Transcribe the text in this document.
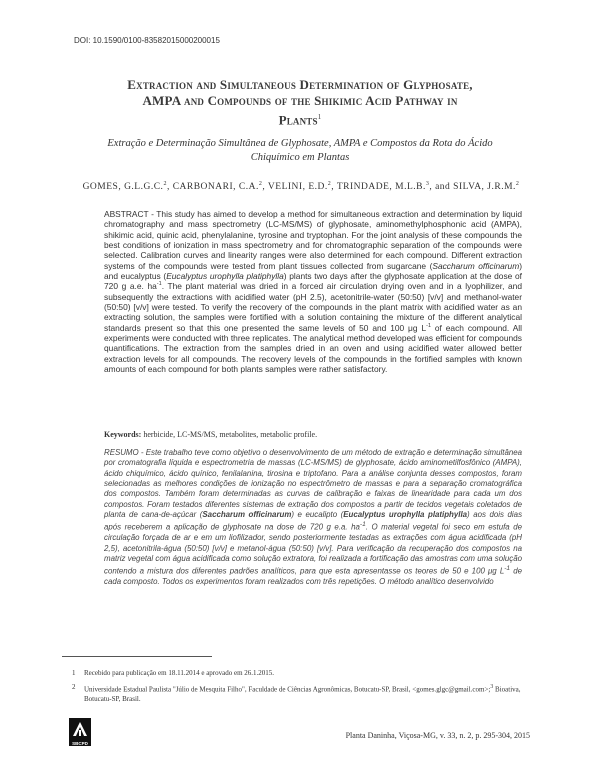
DOI: 10.1590/0100-83582015000200015
Extraction and Simultaneous Determination of Glyphosate,
AMPA and Compounds of the Shikimic Acid Pathway in
Plants$^1$
Extração e Determinação Simultânea de Glyphosate, AMPA e Compostos da Rota do Ácido
Chiquímico em Plantas
GOMES, G.L.G.C.$^2$, CARBONARI, C.A.$^2$, VELINI, E.D.$^2$, TRINDADE, M.L.B.$^3$, and SILVA, J.R.M.$^2$

ABSTRACT - This study has aimed to develop a method for simultaneous extraction and determination by liquid chromatography and mass spectrometry (LC-MS/MS) of glyphosate, aminomethylphosphonic acid (AMPA), shikimic acid, quinic acid, phenylalanine, tyrosine and tryptophan. For the joint analysis of these compounds the best conditions of ionization in mass spectrometry and for chromatographic separation of the compounds were selected. Calibration curves and linearity ranges were also determined for each compound. Different extraction systems of the compounds were tested from plant tissues collected from sugarcane (Saccharum officinarum) and eucalyptus (Eucalyptus urophylla platiphylla) plants two days after the glyphosate application at the dose of 720 g a.e. $ha^{-1}$. The plant material was dried in a forced air circulation drying oven and in a lyophilizer, and subsequently the extractions with acidified water (pH 2.5), acetonitrile-water (50:50) [v/v] and methanol-water (50:50) [v/v] were tested. To verify the recovery of the compounds in the plant matrix with acidified water as an extracting solution, the samples were fortified with a solution containing the mixture of the different analytical standards present so that this one presented the same levels of 50 and 100 μg $L^{-1}$ of each compound. All experiments were conducted with three replicates. The analytical method developed was efficient for compounds quantifications. The extraction from the samples dried in an oven and using acidified water allowed better extraction levels for all compounds. The recovery levels of the compounds in the fortified samples with known amounts of each compound for both plants samples were rather satisfactory.

Keywords: herbicide, LC-MS/MS, metabolites, metabolic profile.

RESUMO - Este trabalho teve como objetivo o desenvolvimento de um método de extração e determinação simultânea por cromatografia líquida e espectrometria de massas (LC-MS/MS) de glyphosate, ácido aminometilfosfônico (AMPA), ácido chiquímico, ácido quínico, fenilalanina, tirosina e triptofano. Para a análise conjunta desses compostos, foram selecionadas as melhores condições de ionização no espectrômetro de massas e para a separação cromatográfica dos compostos. Também foram determinadas as curvas de calibração e faixas de linearidade para cada um dos compostos. Foram testados diferentes sistemas de extração dos compostos a partir de tecidos vegetais coletados de planta de cana-de-açúcar (Saccharum officinarum) e eucalipto (Eucalyptus urophylla platiphylla) aos dois dias após receberem a aplicação de glyphosate na dose de 720 g e.a. $ha^{-1}$. O material vegetal foi seco em estufa de circulação forçada de ar e em um liofilizador, sendo posteriormente testadas as extrações com água acidificada (pH 2,5), acetonitrila-água (50:50) [v/v] e metanol-água (50:50) [v/v]. Para verificação da recuperação dos compostos na matriz vegetal com água acidificada como solução extratora, foi realizada a fortificação das amostras com uma solução contendo a mistura dos diferentes padrões analíticos, para que esta apresentasse os teores de 50 e 100 μg $L^{-1}$ de cada composto. Todos os experimentos foram realizados com três repetições. O método analítico desenvolvido

1 Recebido para publicação em 18.11.2014 e aprovado em 26.1.2015.
2 Universidade Estadual Paulista "Júlio de Mesquita Filho", Faculdade de Ciências Agronômicas, Botucatu-SP, Brasil, <gomes.glgc@gmail.com>;$^3$ Bioativa, Botucatu-SP, Brasil.
SBCPD
Planta Daninha, Viçosa-MG, v. 33, n. 2, p. 295-304, 2015
